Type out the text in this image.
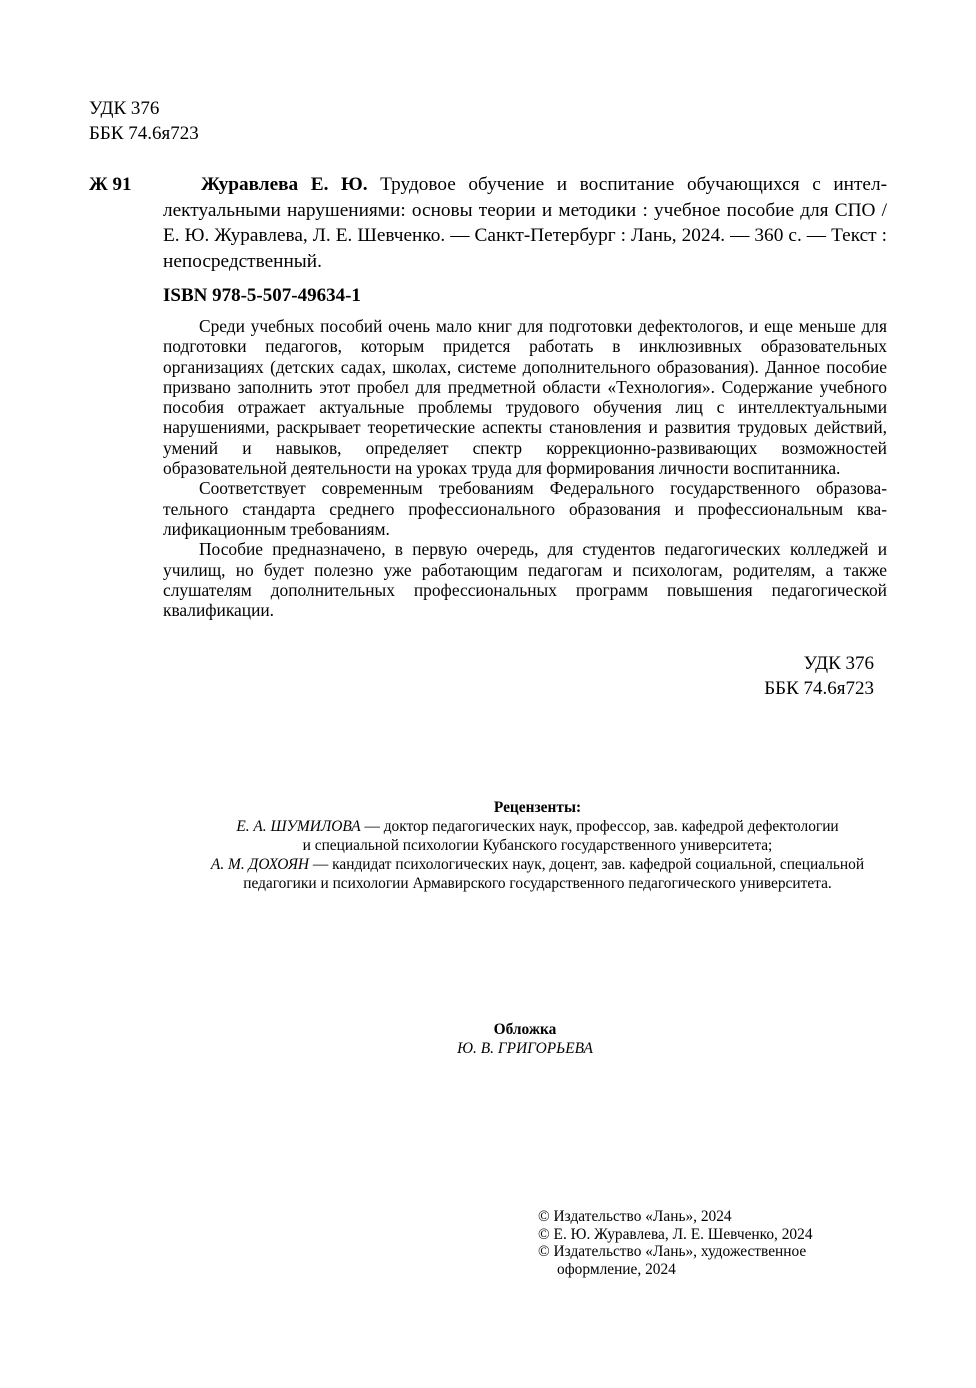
УДК 376
ББК 74.6я723
Ж 91	Журавлева Е. Ю. Трудовое обучение и воспитание обучающихся с интеллектуальными нарушениями: основы теории и методики : учебное пособие для СПО / Е. Ю. Журавлева, Л. Е. Шевченко. — Санкт-Петербург : Лань, 2024. — 360 с. — Текст : непосредственный.

ISBN 978-5-507-49634-1

Среди учебных пособий очень мало книг для подготовки дефектологов, и еще меньше для подготовки педагогов, которым придется работать в инклюзивных образовательных организациях (детских садах, школах, системе дополнительного образования). Данное пособие призвано заполнить этот пробел для предметной области «Технология». Содержание учебного пособия отражает актуальные проблемы трудового обучения лиц с интеллектуальными нарушениями, раскрывает теоретические аспекты становления и развития трудовых действий, умений и навыков, определяет спектр коррекционно-развивающих возможностей образовательной деятельности на уроках труда для формирования личности воспитанника.

Соответствует современным требованиям Федерального государственного образовательного стандарта среднего профессионального образования и профессиональным квалификационным требованиям.

Пособие предназначено, в первую очередь, для студентов педагогических колледжей и училищ, но будет полезно уже работающим педагогам и психологам, родителям, а также слушателям дополнительных профессиональных программ повышения педагогической квалификации.

УДК 376
ББК 74.6я723
Рецензенты:
Е. А. ШУМИЛОВА — доктор педагогических наук, профессор, зав. кафедрой дефектологии
и специальной психологии Кубанского государственного университета;
А. М. ДОХОЯН — кандидат психологических наук, доцент, зав. кафедрой социальной, специальной
педагогики и психологии Армавирского государственного педагогического университета.
Обложка
Ю. В. ГРИГОРЬЕВА
© Издательство «Лань», 2024
© Е. Ю. Журавлева, Л. Е. Шевченко, 2024
© Издательство «Лань», художественное
оформление, 2024
